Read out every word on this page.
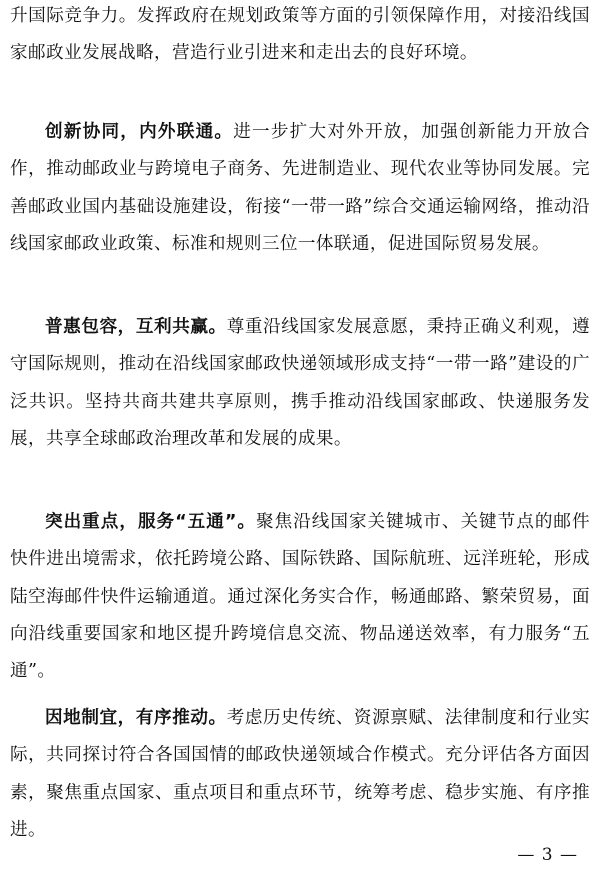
升国际竞争力。发挥政府在规划政策等方面的引领保障作用，对接沿线国家邮政业发展战略，营造行业引进来和走出去的良好环境。

创新协同，内外联通。进一步扩大对外开放，加强创新能力开放合作，推动邮政业与跨境电子商务、先进制造业、现代农业等协同发展。完善邮政业国内基础设施建设，衔接“一带一路”综合交通运输网络，推动沿线国家邮政业政策、标准和规则三位一体联通，促进国际贸易发展。

普惠包容，互利共赢。尊重沿线国家发展意愿，秉持正确义利观，遵守国际规则，推动在沿线国家邮政快递领域形成支持“一带一路”建设的广泛共识。坚持共商共建共享原则，携手推动沿线国家邮政、快递服务发展，共享全球邮政治理改革和发展的成果。

突出重点，服务“五通”。聚焦沿线国家关键城市、关键节点的邮件快件进出境需求，依托跨境公路、国际铁路、国际航班、远洋班轮，形成陆空海邮件快件运输通道。通过深化务实合作，畅通邮路、繁荣贸易，面向沿线重要国家和地区提升跨境信息交流、物品递送效率，有力服务“五通”。

因地制宜，有序推动。考虑历史传统、资源禀赋、法律制度和行业实际，共同探讨符合各国国情的邮政快递领域合作模式。充分评估各方面因素，聚焦重点国家、重点项目和重点环节，统筹考虑、稳步实施、有序推进。

— 3 —
